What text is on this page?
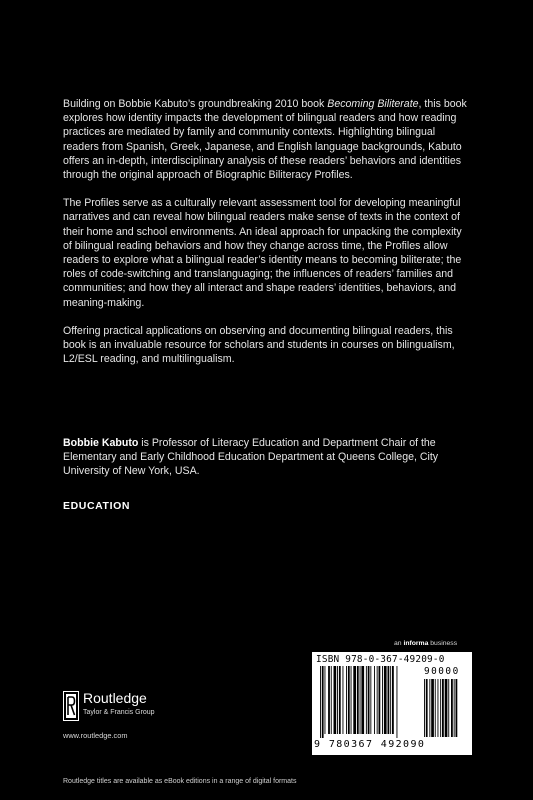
Building on Bobbie Kabuto’s groundbreaking 2010 book Becoming Biliterate, this book explores how identity impacts the development of bilingual readers and how reading practices are mediated by family and community contexts. Highlighting bilingual readers from Spanish, Greek, Japanese, and English language backgrounds, Kabuto offers an in-depth, interdisciplinary analysis of these readers’ behaviors and identities through the original approach of Biographic Biliteracy Profiles.

The Profiles serve as a culturally relevant assessment tool for developing meaningful narratives and can reveal how bilingual readers make sense of texts in the context of their home and school environments. An ideal approach for unpacking the complexity of bilingual reading behaviors and how they change across time, the Profiles allow readers to explore what a bilingual reader’s identity means to becoming biliterate; the roles of code-switching and translanguaging; the influences of readers’ families and communities; and how they all interact and shape readers’ identities, behaviors, and meaning-making.

Offering practical applications on observing and documenting bilingual readers, this book is an invaluable resource for scholars and students in courses on bilingualism, L2/ESL reading, and multilingualism.

Bobbie Kabuto is Professor of Literacy Education and Department Chair of the Elementary and Early Childhood Education Department at Queens College, City University of New York, USA.
EDUCATION
an informa business
ISBN 978-0-367-49209-0
90000
9 780367 492090
Routledge
Taylor & Francis Group
www.routledge.com
Routledge titles are available as eBook editions in a range of digital formats
